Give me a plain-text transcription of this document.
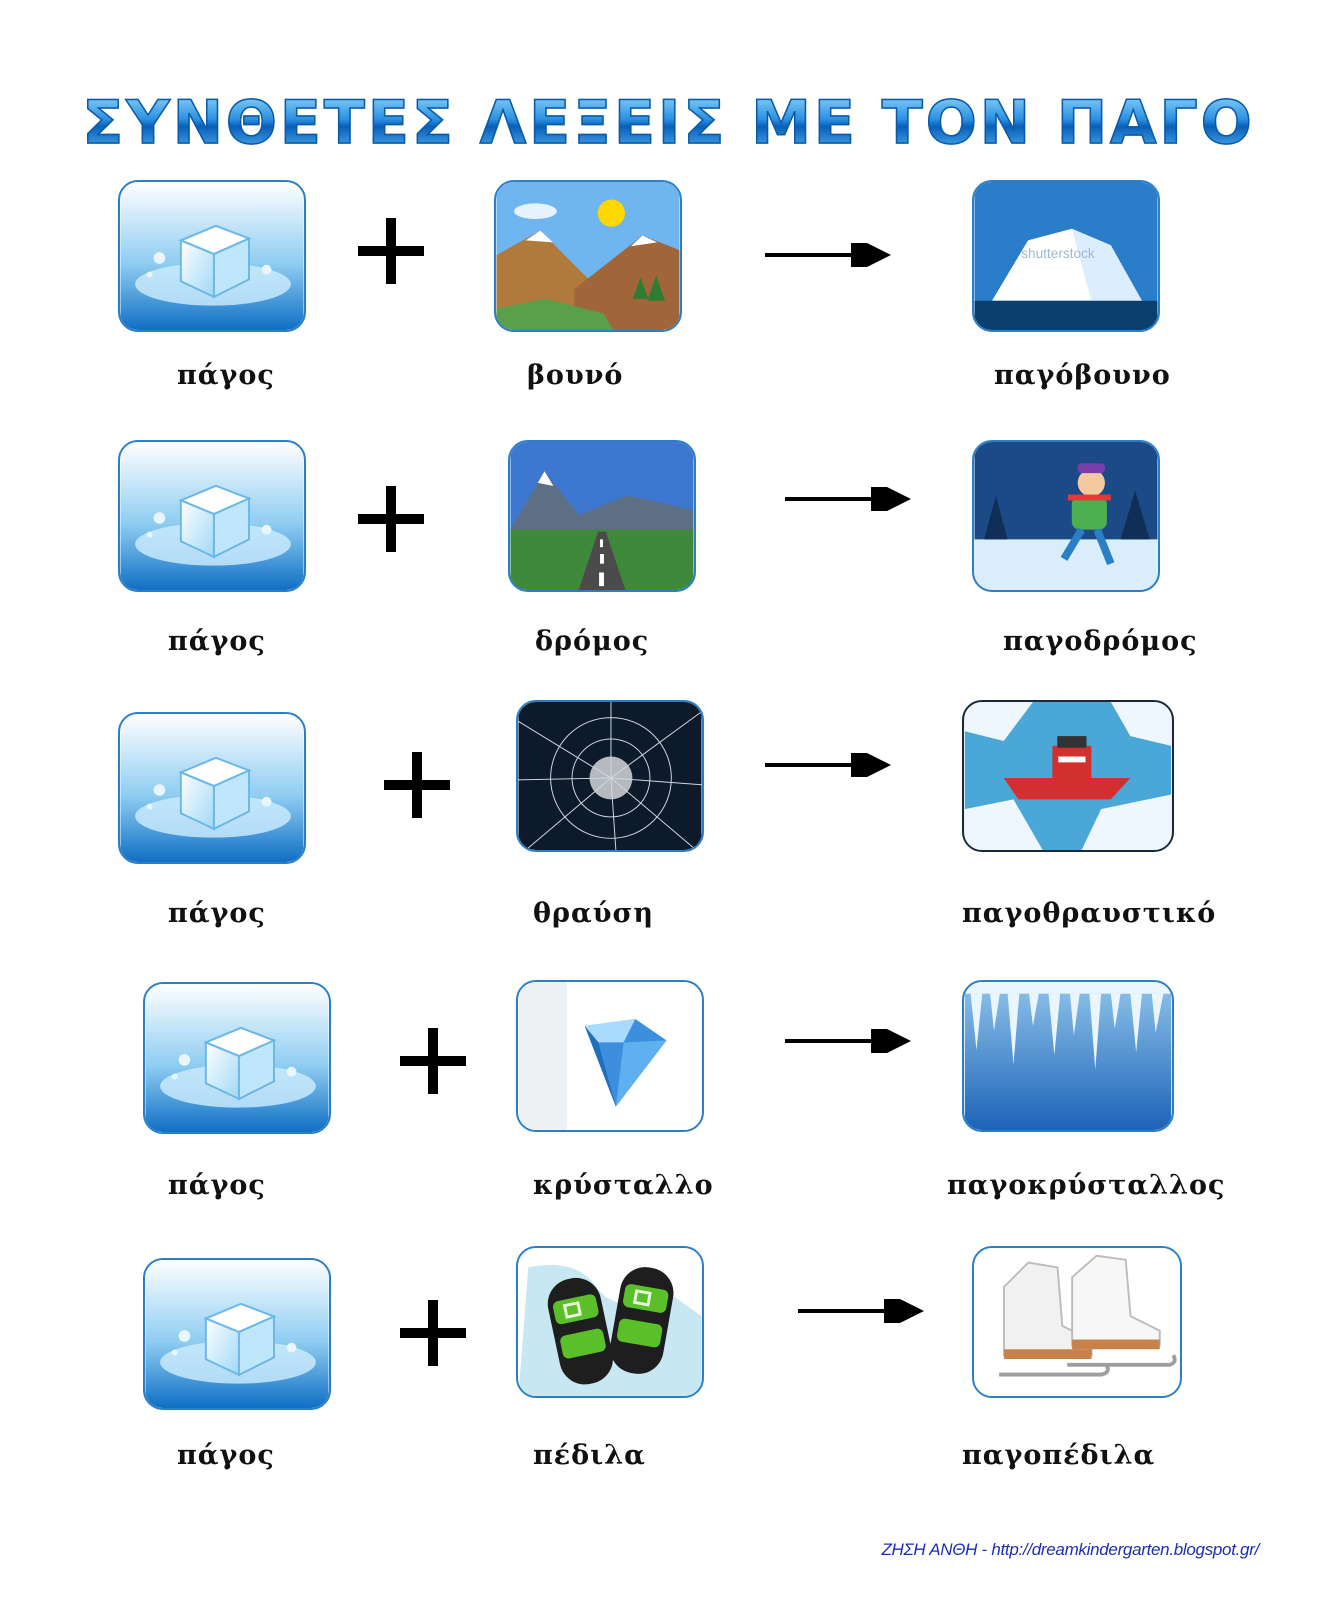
ΣΥΝΘΕΤΕΣ ΛΕΞΕΙΣ ΜΕ ΤΟΝ ΠΑΓΟ
shutterstock
πάγος	βουνό	παγόβουνο
πάγος	δρόμος	παγοδρόμος
πάγος	θραύση	παγοθραυστικό
πάγος	κρύσταλλο	παγοκρύσταλλος
πάγος	πέδιλα	παγοπέδιλα
ΖΗΣΗ ΑΝΘΗ - http://dreamkindergarten.blogspot.gr/
